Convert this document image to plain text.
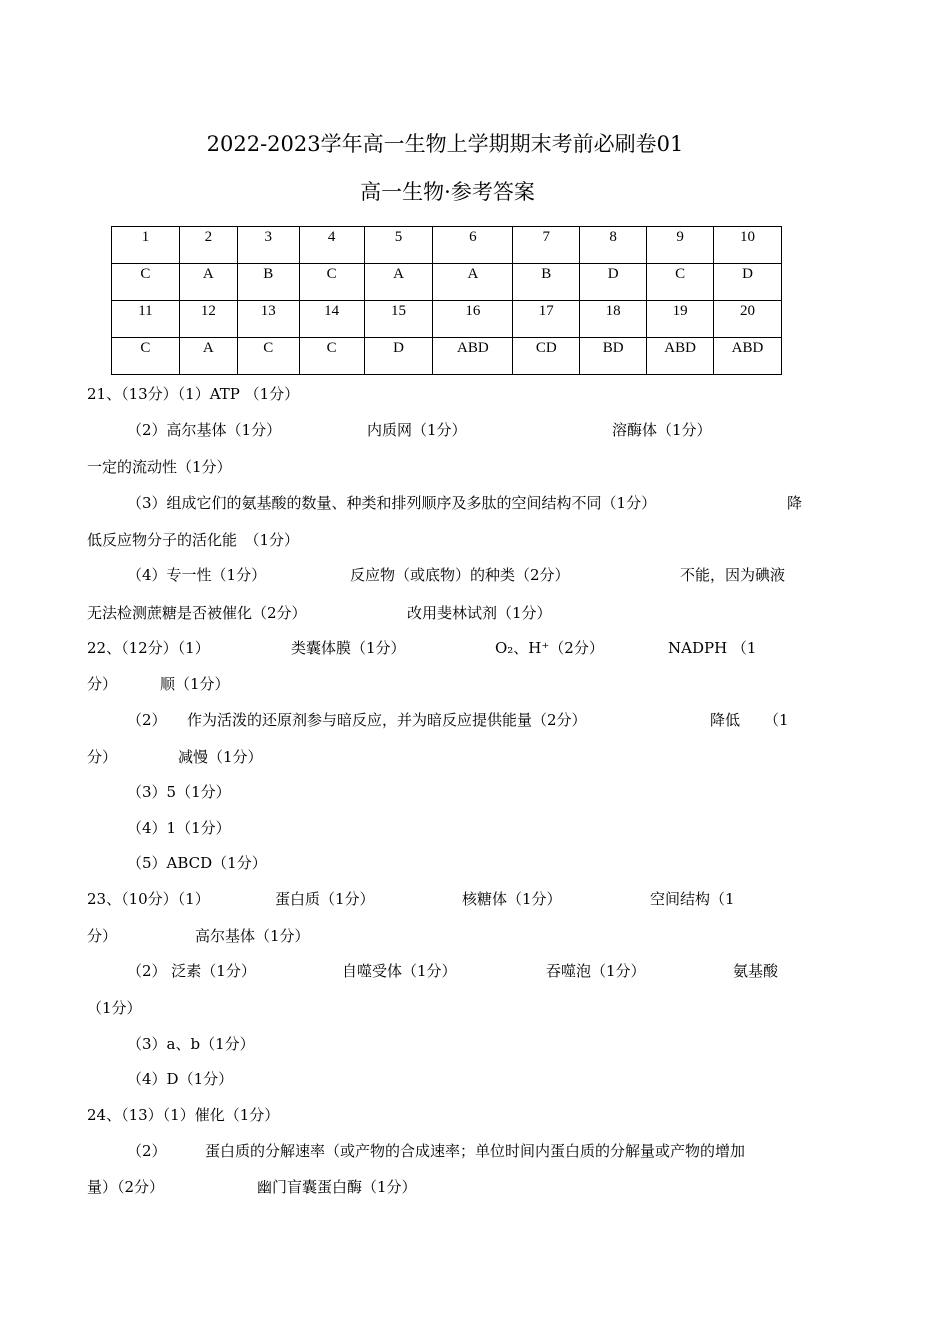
2022-2023学年高一生物上学期期末考前必刷卷01
高一生物·参考答案
1	2	3	4	5	6	7	8	9	10
C	A	B	C	A	A	B	D	C	D
11	12	13	14	15	16	17	18	19	20
C	A	C	C	D	ABD	CD	BD	ABD	ABD
21、（13分）（1）ATP （1分）
（2）高尔基体（1分）	内质网（1分）	溶酶体（1分）
一定的流动性（1分）
（3）组成它们的氨基酸的数量、种类和排列顺序及多肽的空间结构不同（1分）	降
低反应物分子的活化能　（1分）
（4）专一性（1分）	反应物（或底物）的种类（2分）	不能，因为碘液
无法检测蔗糖是否被催化（2分）	改用斐林试剂（1分）
22、（12分）（1）	类囊体膜（1分）	O₂、H⁺（2分）	NADPH （1
分）	顺（1分）
（2） 作为活泼的还原剂参与暗反应，并为暗反应提供能量（2分）	降低 （1
分）	减慢（1分）
（3）5（1分）
（4）1（1分）
（5）ABCD（1分）
23、（10分）（1）	蛋白质（1分）	核糖体（1分）	空间结构（1
分）	高尔基体（1分）
（2） 泛素（1分）	自噬受体（1分）	吞噬泡（1分）	氨基酸
（1分）
（3）a、b（1分）
（4）D（1分）
24、（13）（1）催化（1分）
（2）	蛋白质的分解速率（或产物的合成速率；单位时间内蛋白质的分解量或产物的增加
量）（2分）	幽门盲囊蛋白酶（1分）
